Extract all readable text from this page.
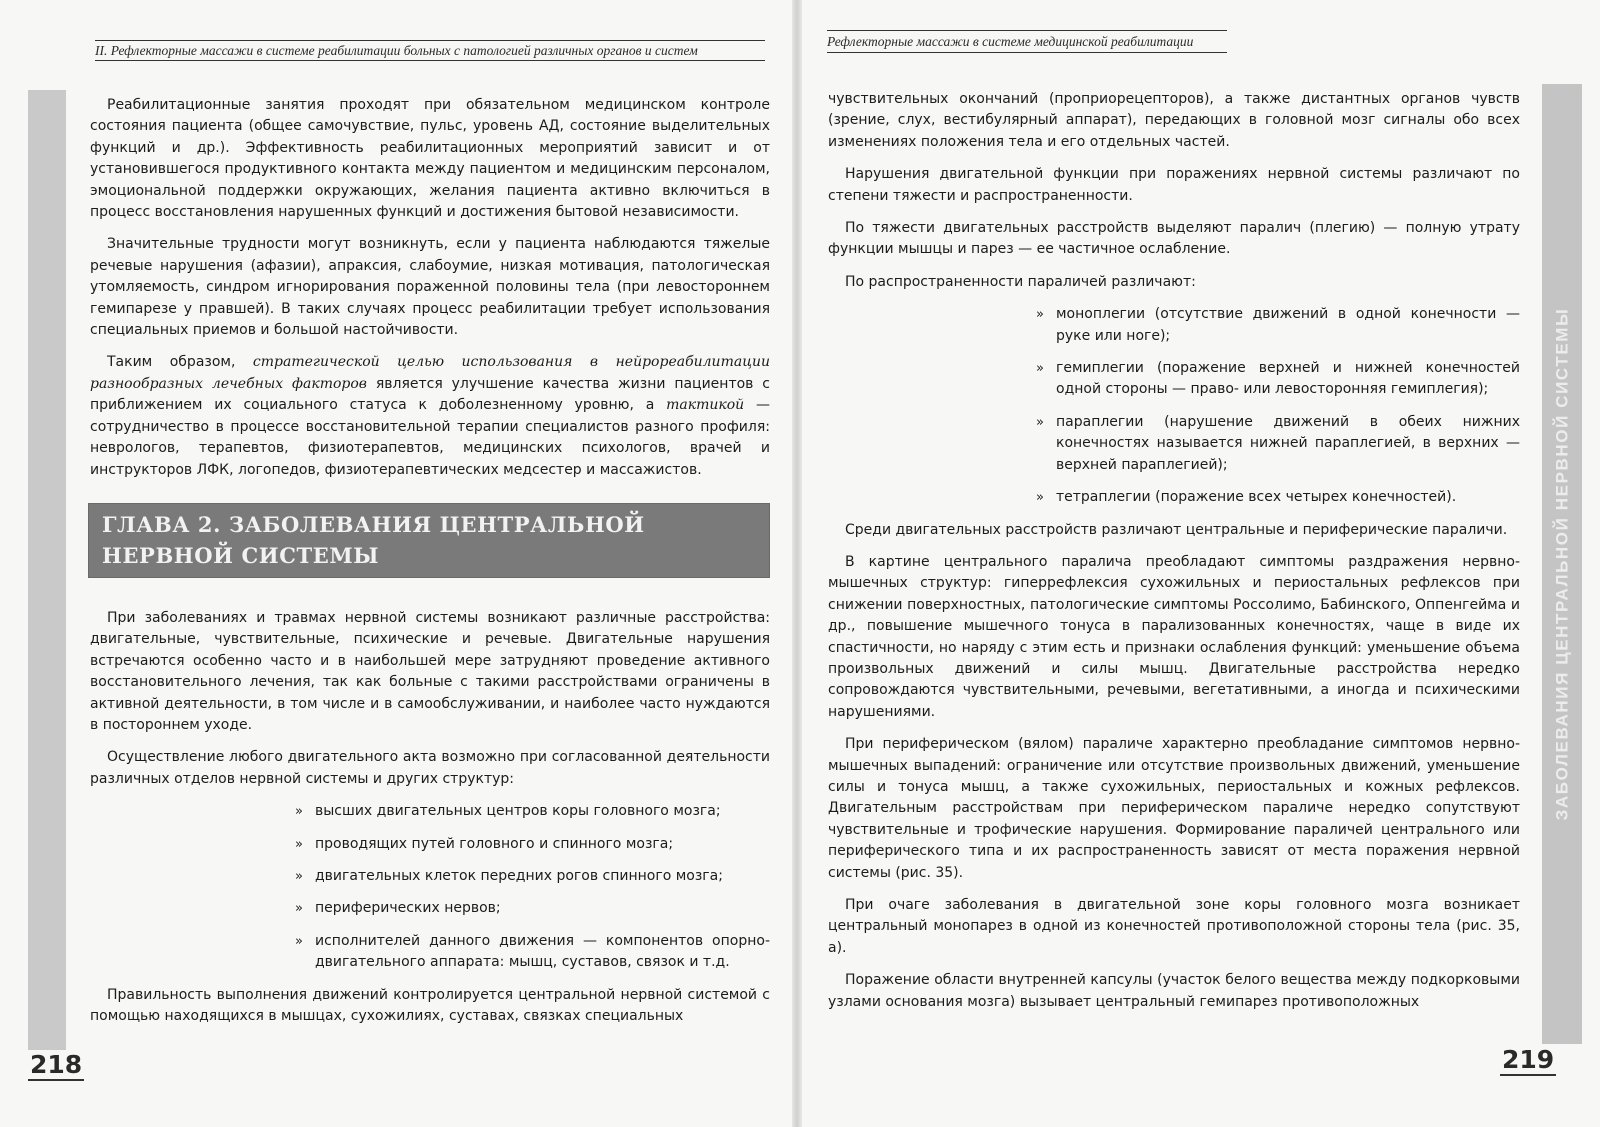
II. Рефлекторные массажи в системе реабилитации больных с патологией различных органов и систем

Реабилитационные занятия проходят при обязательном медицинском контроле состояния пациента (общее самочувствие, пульс, уровень АД, состояние выделительных функций и др.). Эффективность реабилитационных мероприятий зависит и от установившегося продуктивного контакта между пациентом и медицинским персоналом, эмоциональной поддержки окружающих, желания пациента активно включиться в процесс восстановления нарушенных функций и достижения бытовой независимости.

Значительные трудности могут возникнуть, если у пациента наблюдаются тяжелые речевые нарушения (афазии), апраксия, слабоумие, низкая мотивация, патологическая утомляемость, синдром игнорирования пораженной половины тела (при левостороннем гемипарезе у правшей). В таких случаях процесс реабилитации требует использования специальных приемов и большой настойчивости.

Таким образом, стратегической целью использования в нейрореабилитации разнообразных лечебных факторов является улучшение качества жизни пациентов с приближением их социального статуса к доболезненному уровню, а тактикой — сотрудничество в процессе восстановительной терапии специалистов разного профиля: неврологов, терапевтов, физиотерапевтов, медицинских психологов, врачей и инструкторов ЛФК, логопедов, физиотерапевтических медсестер и массажистов.

ГЛАВА 2. ЗАБОЛЕВАНИЯ ЦЕНТРАЛЬНОЙ
НЕРВНОЙ СИСТЕМЫ

При заболеваниях и травмах нервной системы возникают различные расстройства: двигательные, чувствительные, психические и речевые. Двигательные нарушения встречаются особенно часто и в наибольшей мере затрудняют проведение активного восстановительного лечения, так как больные с такими расстройствами ограничены в активной деятельности, в том числе и в самообслуживании, и наиболее часто нуждаются в постороннем уходе.

Осуществление любого двигательного акта возможно при согласованной деятельности различных отделов нервной системы и других структур:

» высших двигательных центров коры головного мозга;
» проводящих путей головного и спинного мозга;
» двигательных клеток передних рогов спинного мозга;
» периферических нервов;
» исполнителей данного движения — компонентов опорно-двигательного аппарата: мышц, суставов, связок и т.д.

Правильность выполнения движений контролируется центральной нервной системой с помощью находящихся в мышцах, сухожилиях, суставах, связках специальных

218
ЗАБОЛЕВАНИЯ ЦЕНТРАЛЬНОЙ НЕРВНОЙ СИСТЕМЫ
Рефлекторные массажи в системе медицинской реабилитации

чувствительных окончаний (проприорецепторов), а также дистантных органов чувств (зрение, слух, вестибулярный аппарат), передающих в головной мозг сигналы обо всех изменениях положения тела и его отдельных частей.

Нарушения двигательной функции при поражениях нервной системы различают по степени тяжести и распространенности.

По тяжести двигательных расстройств выделяют паралич (плегию) — полную утрату функции мышцы и парез — ее частичное ослабление.

По распространенности параличей различают:

» моноплегии (отсутствие движений в одной конечности — руке или ноге);
» гемиплегии (поражение верхней и нижней конечностей одной стороны — право- или левосторонняя гемиплегия);
» параплегии (нарушение движений в обеих нижних конечностях называется нижней параплегией, в верхних — верхней параплегией);
» тетраплегии (поражение всех четырех конечностей).

Среди двигательных расстройств различают центральные и периферические параличи.

В картине центрального паралича преобладают симптомы раздражения нервно-мышечных структур: гиперрефлексия сухожильных и периостальных рефлексов при снижении поверхностных, патологические симптомы Россолимо, Бабинского, Оппенгейма и др., повышение мышечного тонуса в парализованных конечностях, чаще в виде их спастичности, но наряду с этим есть и признаки ослабления функций: уменьшение объема произвольных движений и силы мышц. Двигательные расстройства нередко сопровождаются чувствительными, речевыми, вегетативными, а иногда и психическими нарушениями.

При периферическом (вялом) параличе характерно преобладание симптомов нервно-мышечных выпадений: ограничение или отсутствие произвольных движений, уменьшение силы и тонуса мышц, а также сухожильных, периостальных и кожных рефлексов. Двигательным расстройствам при периферическом параличе нередко сопутствуют чувствительные и трофические нарушения. Формирование параличей центрального или периферического типа и их распространенность зависят от места поражения нервной системы (рис. 35).

При очаге заболевания в двигательной зоне коры головного мозга возникает центральный монопарез в одной из конечностей противоположной стороны тела (рис. 35, а).

Поражение области внутренней капсулы (участок белого вещества между подкорковыми узлами основания мозга) вызывает центральный гемипарез противоположных

219
